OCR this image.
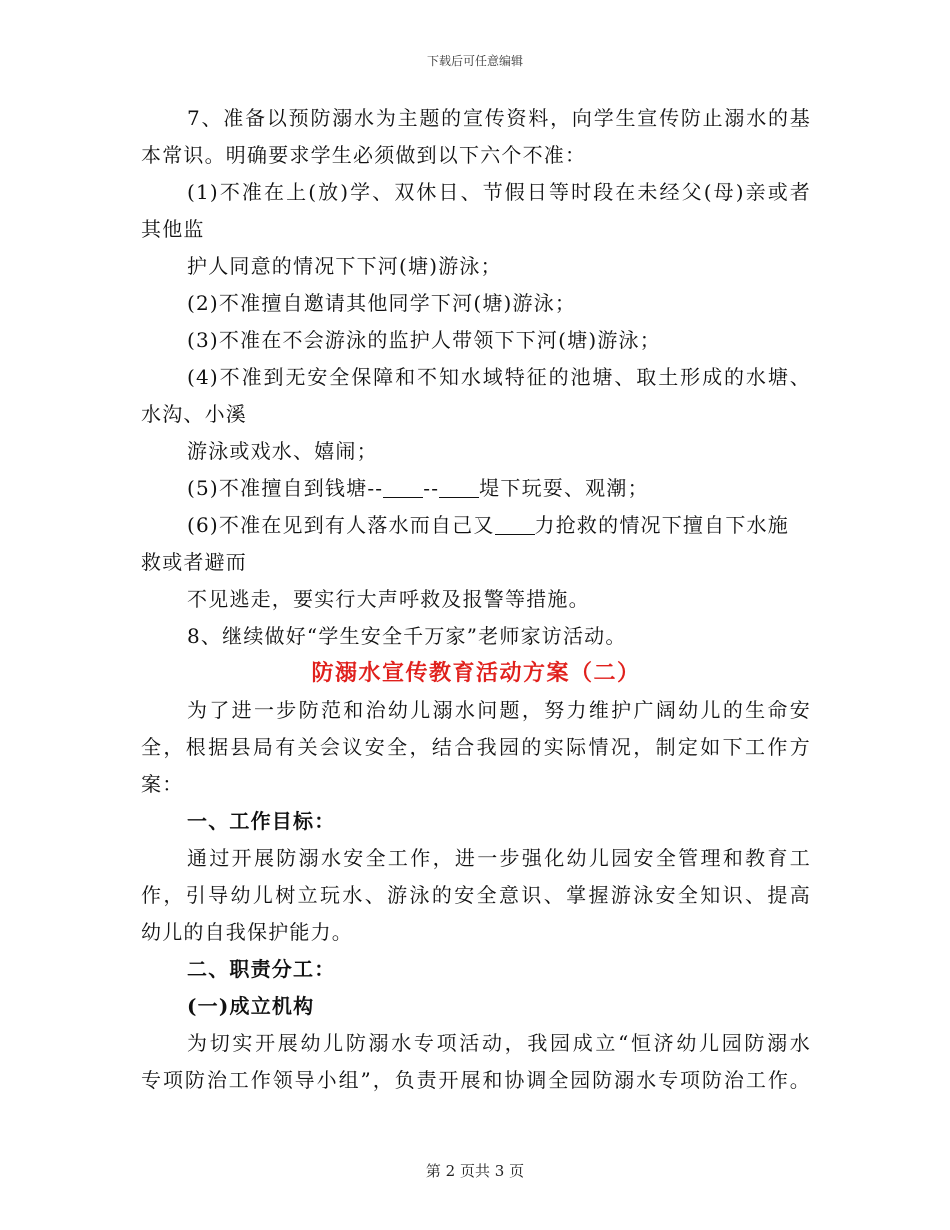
下载后可任意编辑

7、准备以预防溺水为主题的宣传资料，向学生宣传防止溺水的基

本常识。明确要求学生必须做到以下六个不准：

(1)不准在上(放)学、双休日、节假日等时段在未经父(母)亲或者

其他监

护人同意的情况下下河(塘)游泳；

(2)不准擅自邀请其他同学下河(塘)游泳；

(3)不准在不会游泳的监护人带领下下河(塘)游泳；

(4)不准到无安全保障和不知水域特征的池塘、取土形成的水塘、

水沟、小溪

游泳或戏水、嬉闹；

(5)不准擅自到钱塘-- -- 堤下玩耍、观潮；

(6)不准在见到有人落水而自己又 力抢救的情况下擅自下水施

救或者避而

不见逃走，要实行大声呼救及报警等措施。

8、继续做好“学生安全千万家”老师家访活动。

防溺水宣传教育活动方案（二）

为了进一步防范和治幼儿溺水问题，努力维护广阔幼儿的生命安

全，根据县局有关会议安全，结合我园的实际情况，制定如下工作方

案：

一、工作目标：

通过开展防溺水安全工作，进一步强化幼儿园安全管理和教育工

作，引导幼儿树立玩水、游泳的安全意识、掌握游泳安全知识、提高

幼儿的自我保护能力。

二、职责分工：

(一)成立机构

为切实开展幼儿防溺水专项活动，我园成立“恒济幼儿园防溺水

专项防治工作领导小组”，负责开展和协调全园防溺水专项防治工作。

第 2 页共 3 页
